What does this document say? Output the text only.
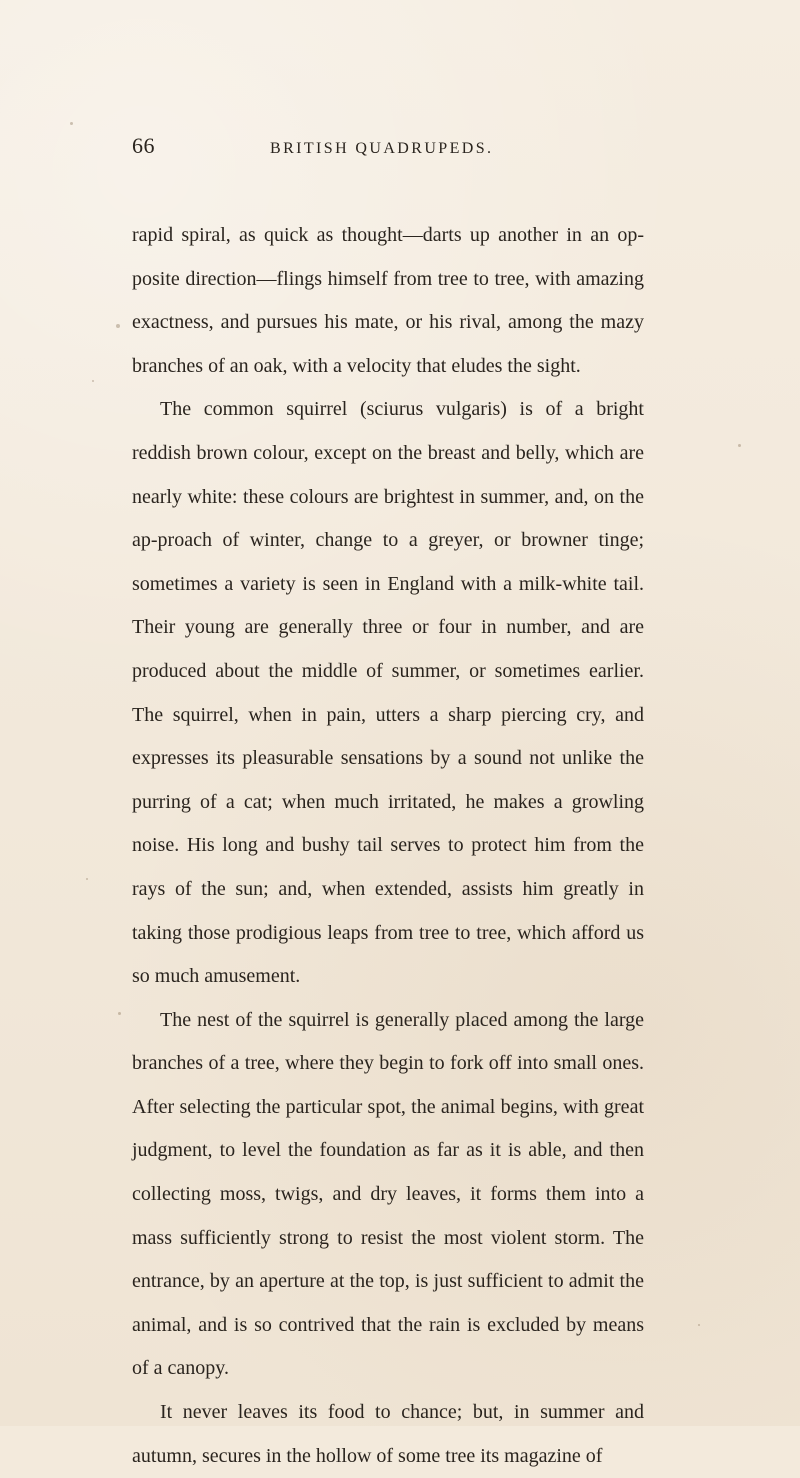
66	BRITISH QUADRUPEDS.

rapid spiral, as quick as thought—darts up another in an op-posite direction—flings himself from tree to tree, with amazing exactness, and pursues his mate, or his rival, among the mazy branches of an oak, with a velocity that eludes the sight.

The common squirrel (sciurus vulgaris) is of a bright reddish brown colour, except on the breast and belly, which are nearly white: these colours are brightest in summer, and, on the ap-proach of winter, change to a greyer, or browner tinge; sometimes a variety is seen in England with a milk-white tail. Their young are generally three or four in number, and are produced about the middle of summer, or sometimes earlier. The squirrel, when in pain, utters a sharp piercing cry, and expresses its pleasurable sensations by a sound not unlike the purring of a cat; when much irritated, he makes a growling noise. His long and bushy tail serves to protect him from the rays of the sun; and, when extended, assists him greatly in taking those prodigious leaps from tree to tree, which afford us so much amusement.

The nest of the squirrel is generally placed among the large branches of a tree, where they begin to fork off into small ones. After selecting the particular spot, the animal begins, with great judgment, to level the foundation as far as it is able, and then collecting moss, twigs, and dry leaves, it forms them into a mass sufficiently strong to resist the most violent storm. The entrance, by an aperture at the top, is just sufficient to admit the animal, and is so contrived that the rain is excluded by means of a canopy.

It never leaves its food to chance; but, in summer and autumn, secures in the hollow of some tree its magazine of
